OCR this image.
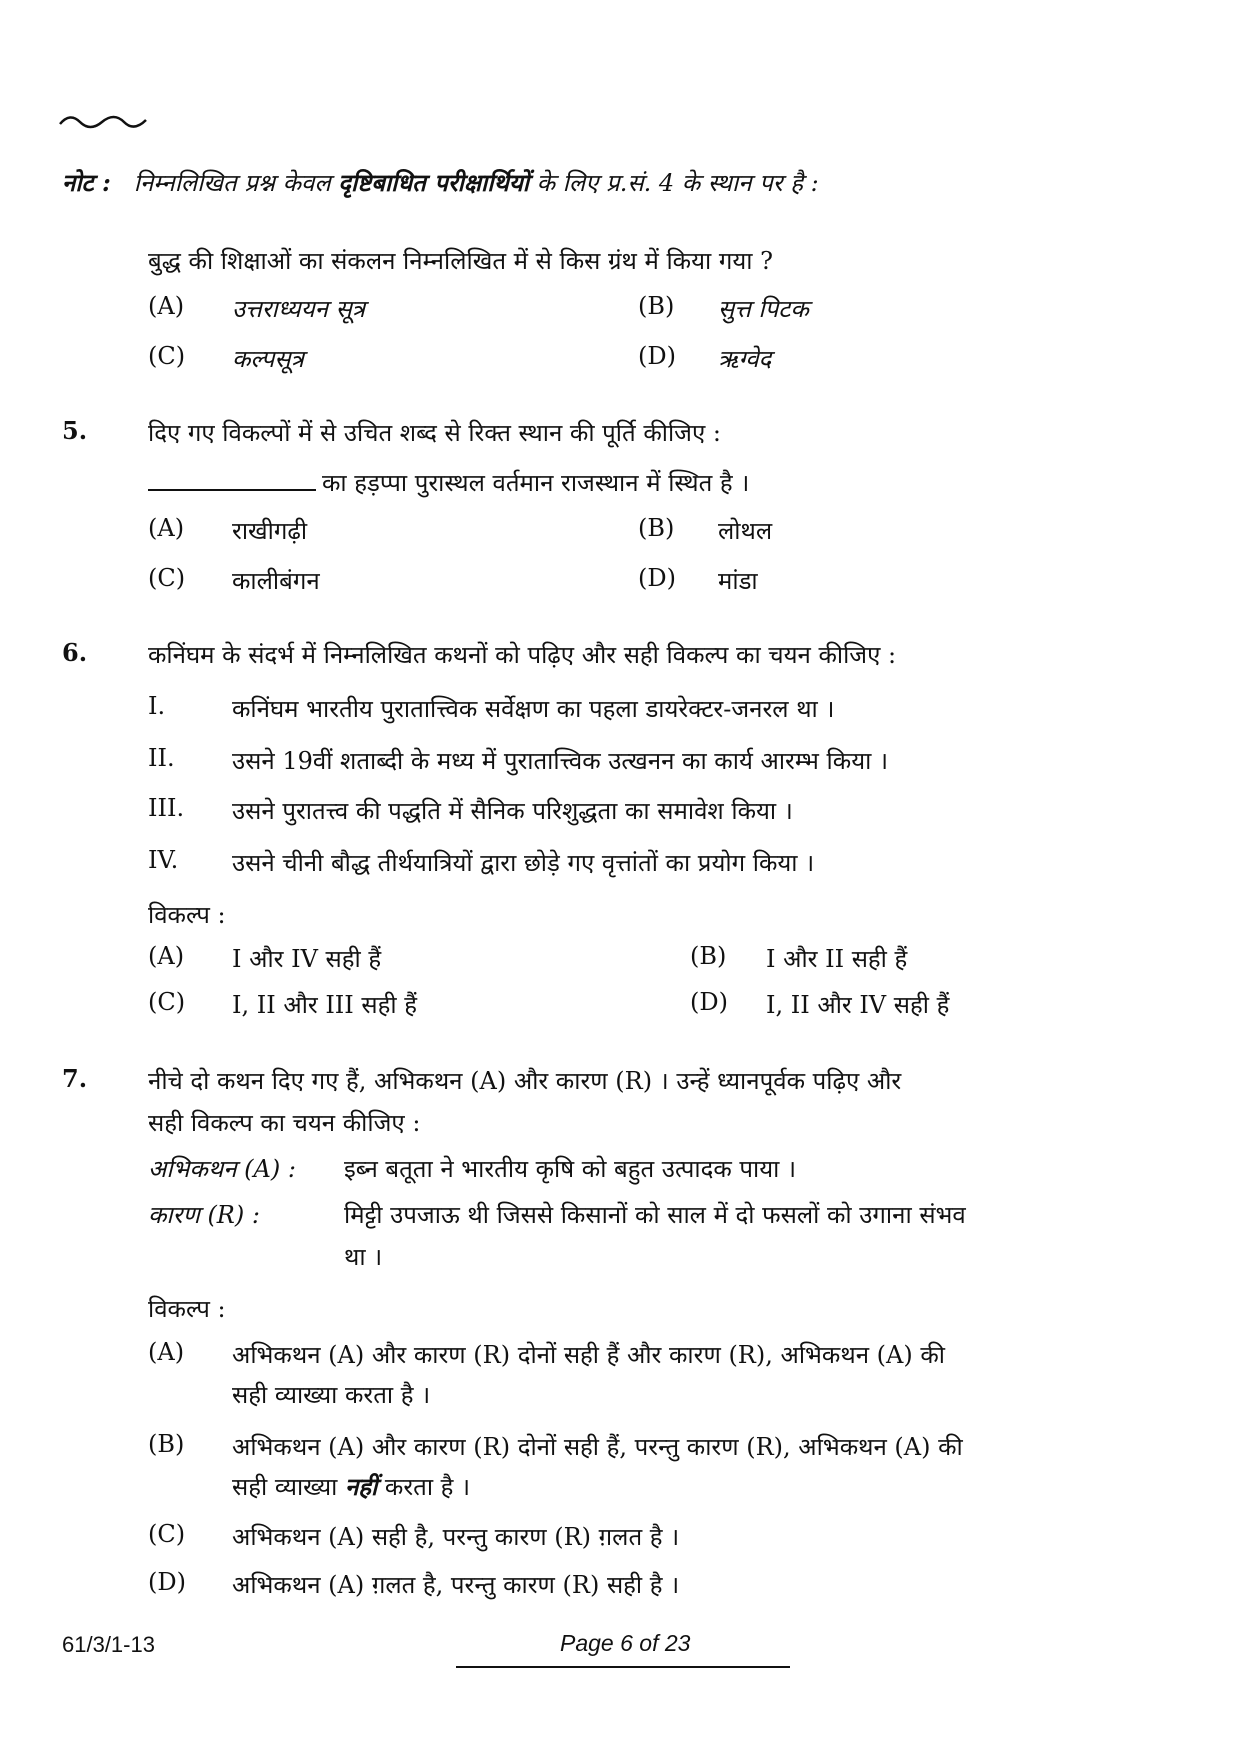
नोट : निम्नलिखित प्रश्न केवल दृष्टिबाधित परीक्षार्थियों के लिए प्र.सं. 4 के स्थान पर है :
बुद्ध की शिक्षाओं का संकलन निम्नलिखित में से किस ग्रंथ में किया गया ?
(A) उत्तराध्ययन सूत्र	(B) सुत्त पिटक
(C) कल्पसूत्र	(D) ऋग्वेद
5.	दिए गए विकल्पों में से उचित शब्द से रिक्त स्थान की पूर्ति कीजिए :
का हड़प्पा पुरास्थल वर्तमान राजस्थान में स्थित है ।
(A) राखीगढ़ी	(B) लोथल
(C) कालीबंगन	(D) मांडा
6.	कनिंघम के संदर्भ में निम्नलिखित कथनों को पढ़िए और सही विकल्प का चयन कीजिए :
I.	कनिंघम भारतीय पुरातात्त्विक सर्वेक्षण का पहला डायरेक्टर-जनरल था ।
II. उसने 19वीं शताब्दी के मध्य में पुरातात्त्विक उत्खनन का कार्य आरम्भ किया ।
III. उसने पुरातत्त्व की पद्धति में सैनिक परिशुद्धता का समावेश किया ।
IV. उसने चीनी बौद्ध तीर्थयात्रियों द्वारा छोड़े गए वृत्तांतों का प्रयोग किया ।
विकल्प :
(A) I और IV सही हैं	(B) I और II सही हैं
(C) I, II और III सही हैं	(D) I, II और IV सही हैं
7.	नीचे दो कथन दिए गए हैं, अभिकथन (A) और कारण (R) । उन्हें ध्यानपूर्वक पढ़िए और
सही विकल्प का चयन कीजिए :
अभिकथन (A) : इब्न बतूता ने भारतीय कृषि को बहुत उत्पादक पाया ।
कारण (R) :	मिट्टी उपजाऊ थी जिससे किसानों को साल में दो फसलों को उगाना संभव
था ।
विकल्प :
(A) अभिकथन (A) और कारण (R) दोनों सही हैं और कारण (R), अभिकथन (A) की
सही व्याख्या करता है ।
(B) अभिकथन (A) और कारण (R) दोनों सही हैं, परन्तु कारण (R), अभिकथन (A) की
सही व्याख्या नहीं करता है ।
(C) अभिकथन (A) सही है, परन्तु कारण (R) ग़लत है ।
(D) अभिकथन (A) ग़लत है, परन्तु कारण (R) सही है ।
61/3/1-13	Page 6 of 23
